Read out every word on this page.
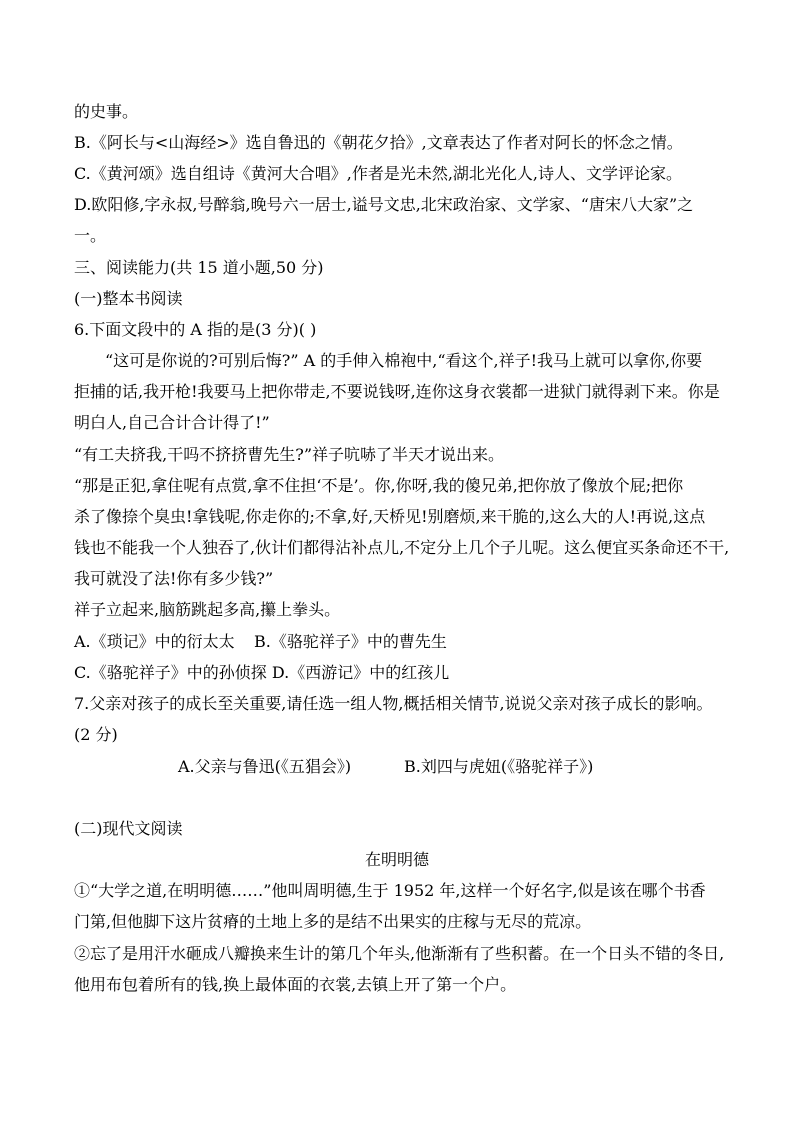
的史事。
B.《阿长与<山海经>》选自鲁迅的《朝花夕拾》,文章表达了作者对阿长的怀念之情。
C.《黄河颂》选自组诗《黄河大合唱》,作者是光未然,湖北光化人,诗人、文学评论家。
D.欧阳修,字永叔,号醉翁,晚号六一居士,谥号文忠,北宋政治家、文学家、“唐宋八大家”之
一。
三、阅读能力(共 15 道小题,50 分)
(一)整本书阅读
6.下面文段中的 A 指的是(3 分)( )
“这可是你说的?可别后悔?” A 的手伸入棉袍中,“看这个,祥子!我马上就可以拿你,你要
拒捕的话,我开枪!我要马上把你带走,不要说钱呀,连你这身衣裳都一进狱门就得剥下来。你是
明白人,自己合计合计得了!”
“有工夫挤我,干吗不挤挤曹先生?”祥子吭哧了半天才说出来。
“那是正犯,拿住呢有点赏,拿不住担‘不是’。你,你呀,我的傻兄弟,把你放了像放个屁;把你
杀了像捺个臭虫!拿钱呢,你走你的;不拿,好,天桥见!别磨烦,来干脆的,这么大的人!再说,这点
钱也不能我一个人独吞了,伙计们都得沾补点儿,不定分上几个子儿呢。这么便宜买条命还不干,
我可就没了法!你有多少钱?”
祥子立起来,脑筋跳起多高,攥上拳头。
A.《琐记》中的衍太太 B.《骆驼祥子》中的曹先生
C.《骆驼祥子》中的孙侦探 D.《西游记》中的红孩儿
7.父亲对孩子的成长至关重要,请任选一组人物,概括相关情节,说说父亲对孩子成长的影响。
(2 分)
A.父亲与鲁迅(《五猖会》)	B.刘四与虎妞(《骆驼祥子》)
(二)现代文阅读
在明明德
①“大学之道,在明明德……”他叫周明德,生于 1952 年,这样一个好名字,似是该在哪个书香
门第,但他脚下这片贫瘠的土地上多的是结不出果实的庄稼与无尽的荒凉。
②忘了是用汗水砸成八瓣换来生计的第几个年头,他渐渐有了些积蓄。在一个日头不错的冬日,
他用布包着所有的钱,换上最体面的衣裳,去镇上开了第一个户。
